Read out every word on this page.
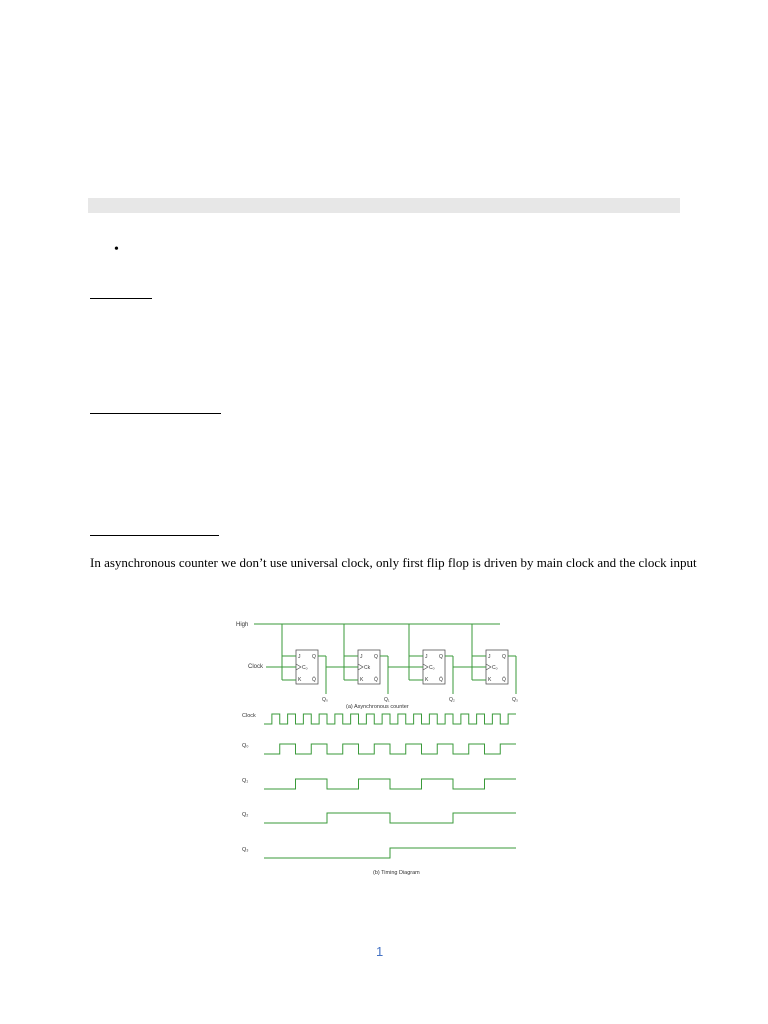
•
In asynchronous counter we don’t use universal clock, only first flip flop is driven by main clock and the clock input
High
Clock
J
K
Q
Q̄
Cₒ
Q₀
J
K
Q
Q̄
Ck
Q₁
J
K
Q
Q̄
Cₒ
Q₂
J
K
Q
Q̄
Cₒ
Q₃
(a) Asynchronous counter
Clock
Q₀
Q₁
Q₂
Q₃
(b) Timing Diagram
1
